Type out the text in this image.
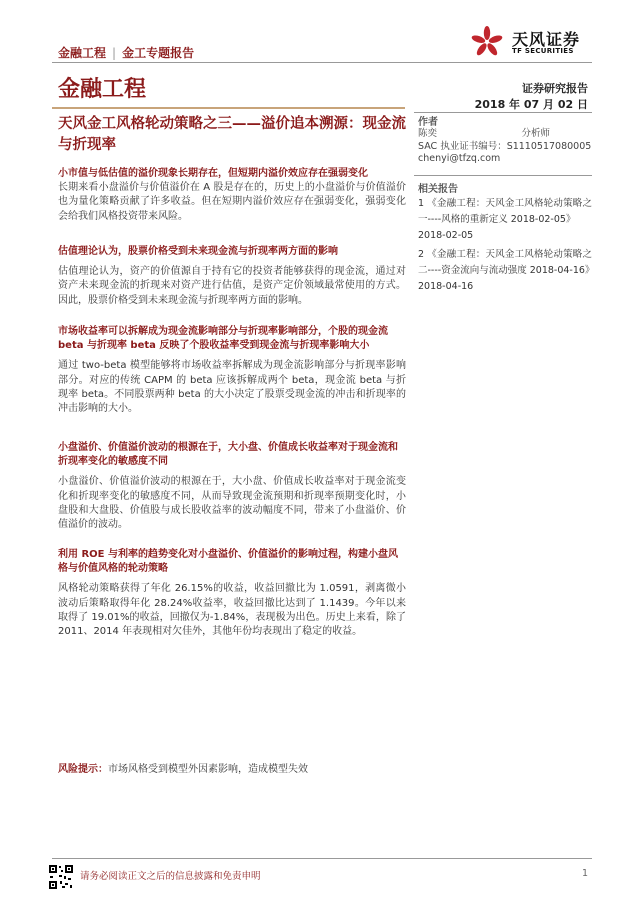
金融工程 | 金工专题报告
天风证券
TF SECURITIES
金融工程	证券研究报告
2018 年 07 月 02 日
天风金工风格轮动策略之三——溢价追本溯源：现金流与折现率

小市值与低估值的溢价现象长期存在，但短期内溢价效应存在强弱变化

长期来看小盘溢价与价值溢价在 A 股是存在的，历史上的小盘溢价与价值溢价也为量化策略贡献了许多收益。但在短期内溢价效应存在强弱变化，强弱变化会给我们风格投资带来风险。

估值理论认为，股票价格受到未来现金流与折现率两方面的影响

估值理论认为，资产的价值源自于持有它的投资者能够获得的现金流，通过对资产未来现金流的折现来对资产进行估值，是资产定价领域最常使用的方式。因此，股票价格受到未来现金流与折现率两方面的影响。

市场收益率可以拆解成为现金流影响部分与折现率影响部分，个股的现金流 beta 与折现率 beta 反映了个股收益率受到现金流与折现率影响大小

通过 two-beta 模型能够将市场收益率拆解成为现金流影响部分与折现率影响部分。对应的传统 CAPM 的 beta 应该拆解成两个 beta，现金流 beta 与折现率 beta。不同股票两种 beta 的大小决定了股票受现金流的冲击和折现率的冲击影响的大小。

小盘溢价、价值溢价波动的根源在于，大小盘、价值成长收益率对于现金流和折现率变化的敏感度不同

小盘溢价、价值溢价波动的根源在于，大小盘、价值成长收益率对于现金流变化和折现率变化的敏感度不同，从而导致现金流预期和折现率预期变化时，小盘股和大盘股、价值股与成长股收益率的波动幅度不同，带来了小盘溢价、价值溢价的波动。

利用 ROE 与利率的趋势变化对小盘溢价、价值溢价的影响过程，构建小盘风格与价值风格的轮动策略

风格轮动策略获得了年化 26.15%的收益，收益回撤比为 1.0591，剥离微小波动后策略取得年化 28.24%收益率，收益回撤比达到了 1.1439。今年以来取得了 19.01%的收益，回撤仅为-1.84%，表现极为出色。历史上来看，除了 2011、2014 年表现相对欠佳外，其他年份均表现出了稳定的收益。

风险提示：市场风格受到模型外因素影响，造成模型失效
作者
陈奕	分析师
SAC 执业证书编号：S1110517080005
chenyi@tfzq.com
相关报告
1 《金融工程：天风金工风格轮动策略之一----风格的重新定义 2018-02-05》
2018-02-05
2 《金融工程：天风金工风格轮动策略之二----资金流向与流动强度 2018-04-16》
2018-04-16
请务必阅读正文之后的信息披露和免责申明	1
